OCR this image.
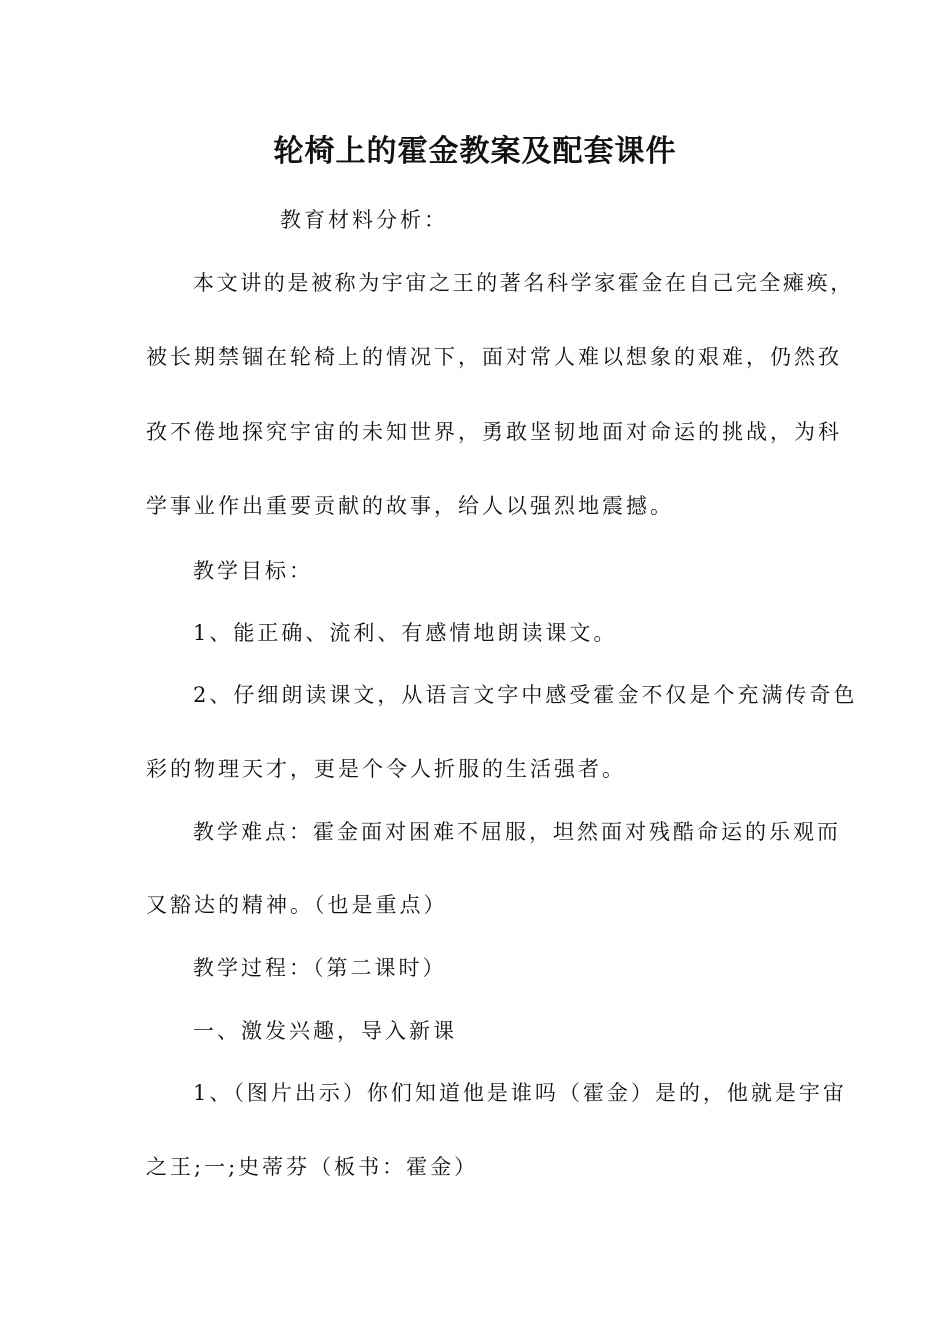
轮椅上的霍金教案及配套课件
教育材料分析：
本文讲的是被称为宇宙之王的著名科学家霍金在自己完全瘫痪，
被长期禁锢在轮椅上的情况下，面对常人难以想象的艰难，仍然孜
孜不倦地探究宇宙的未知世界，勇敢坚韧地面对命运的挑战，为科
学事业作出重要贡献的故事，给人以强烈地震撼。
教学目标：
1、能正确、流利、有感情地朗读课文。
2、仔细朗读课文，从语言文字中感受霍金不仅是个充满传奇色
彩的物理天才，更是个令人折服的生活强者。
教学难点：霍金面对困难不屈服，坦然面对残酷命运的乐观而
又豁达的精神。（也是重点）
教学过程：（第二课时）
一、激发兴趣，导入新课
1、（图片出示）你们知道他是谁吗（霍金）是的，他就是宇宙
之王;一;史蒂芬（板书：霍金）
